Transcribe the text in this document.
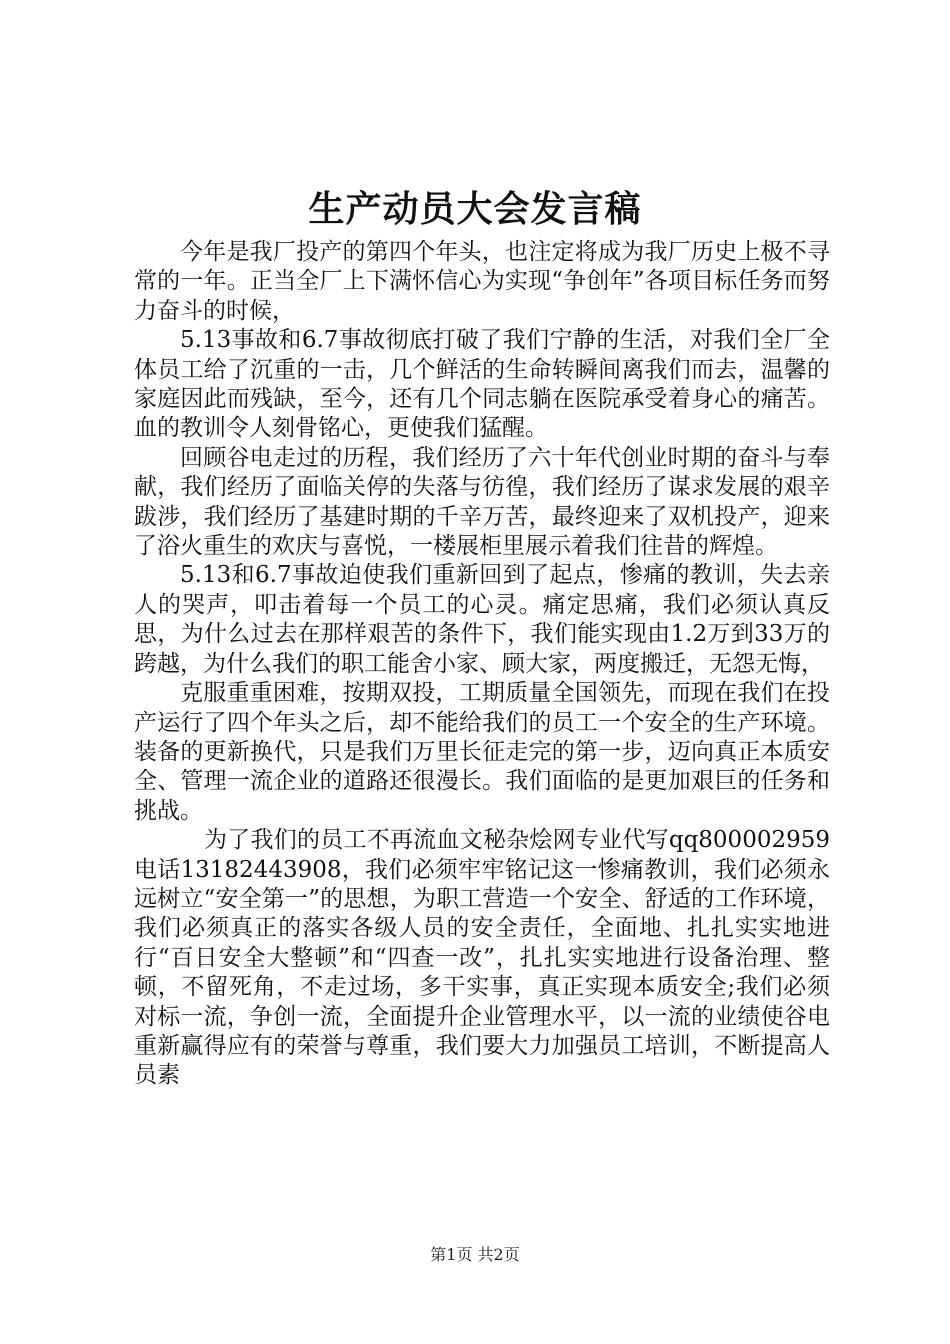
生产动员大会发言稿

今年是我厂投产的第四个年头，也注定将成为我厂历史上极不寻常的一年。正当全厂上下满怀信心为实现“争创年”各项目标任务而努力奋斗的时候，

5.13事故和6.7事故彻底打破了我们宁静的生活，对我们全厂全体员工给了沉重的一击，几个鲜活的生命转瞬间离我们而去，温馨的家庭因此而残缺，至今，还有几个同志躺在医院承受着身心的痛苦。血的教训令人刻骨铭心，更使我们猛醒。

回顾谷电走过的历程，我们经历了六十年代创业时期的奋斗与奉献，我们经历了面临关停的失落与彷徨，我们经历了谋求发展的艰辛跋涉，我们经历了基建时期的千辛万苦，最终迎来了双机投产，迎来了浴火重生的欢庆与喜悦，一楼展柜里展示着我们往昔的辉煌。

5.13和6.7事故迫使我们重新回到了起点，惨痛的教训，失去亲人的哭声，叩击着每一个员工的心灵。痛定思痛，我们必须认真反思，为什么过去在那样艰苦的条件下，我们能实现由1.2万到33万的跨越，为什么我们的职工能舍小家、顾大家，两度搬迁，无怨无悔，

克服重重困难，按期双投，工期质量全国领先，而现在我们在投产运行了四个年头之后，却不能给我们的员工一个安全的生产环境。装备的更新换代，只是我们万里长征走完的第一步，迈向真正本质安全、管理一流企业的道路还很漫长。我们面临的是更加艰巨的任务和挑战。

为了我们的员工不再流血文秘杂烩网专业代写qq800002959电话13182443908，我们必须牢牢铭记这一惨痛教训，我们必须永远树立“安全第一”的思想，为职工营造一个安全、舒适的工作环境，我们必须真正的落实各级人员的安全责任，全面地、扎扎实实地进行“百日安全大整顿”和“四查一改”，扎扎实实地进行设备治理、整顿，不留死角，不走过场，多干实事，真正实现本质安全;我们必须对标一流，争创一流，全面提升企业管理水平，以一流的业绩使谷电重新赢得应有的荣誉与尊重，我们要大力加强员工培训，不断提高人员素

第1页 共2页
